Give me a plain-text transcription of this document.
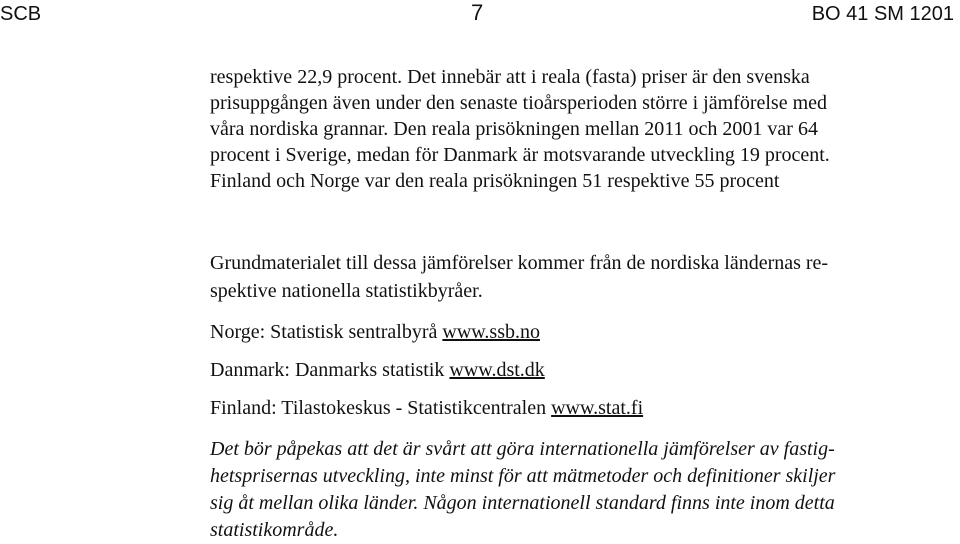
SCB	7	BO 41 SM 1201
respektive 22,9 procent. Det innebär att i reala (fasta) priser är den svenska
prisuppgången även under den senaste tioårsperioden större i jämförelse med
våra nordiska grannar. Den reala prisökningen mellan 2011 och 2001 var 64
procent i Sverige, medan för Danmark är motsvarande utveckling 19 procent.
Finland och Norge var den reala prisökningen 51 respektive 55 procent
Grundmaterialet till dessa jämförelser kommer från de nordiska ländernas re-
spektive nationella statistikbyråer.
Norge: Statistisk sentralbyrå www.ssb.no
Danmark: Danmarks statistik www.dst.dk
Finland: Tilastokeskus - Statistikcentralen www.stat.fi
Det bör påpekas att det är svårt att göra internationella jämförelser av fastig-
hetsprisernas utveckling, inte minst för att mätmetoder och definitioner skiljer
sig åt mellan olika länder. Någon internationell standard finns inte inom detta
statistikområde.
